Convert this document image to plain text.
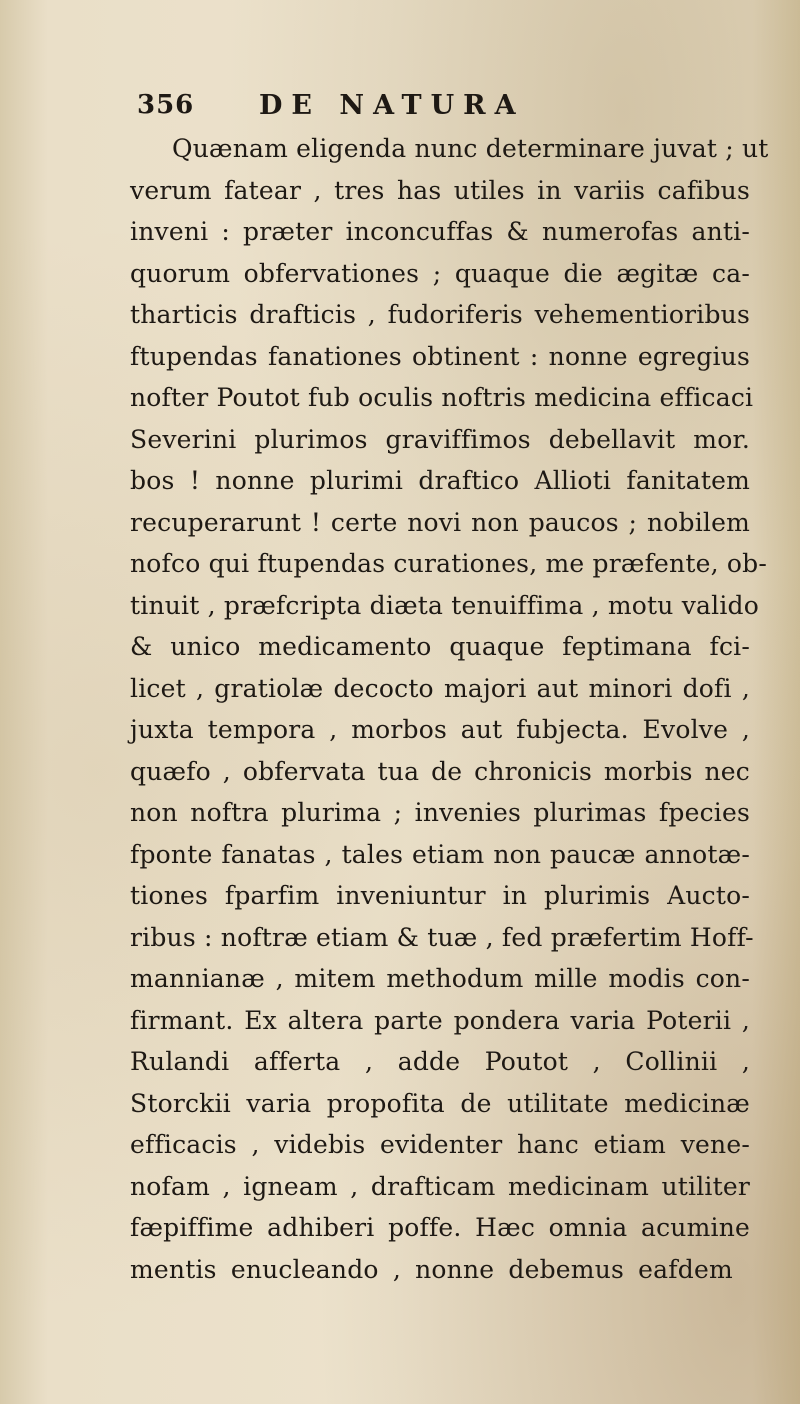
356 DE NATURA
Quænam eligenda nunc determinare juvat ; ut
verum fatear , tres has utiles in variis cafibus
inveni : præter inconcuffas & numerofas anti-
quorum obfervationes ; quaque die ægitæ ca-
tharticis drafticis , fudoriferis vehementioribus
ftupendas fanationes obtinent : nonne egregius
nofter Poutot fub oculis noftris medicina efficaci
Severini plurimos graviffimos debellavit mor.
bos ! nonne plurimi draftico Allioti fanitatem
recuperarunt ! certe novi non paucos ; nobilem
nofco qui ftupendas curationes, me præfente, ob-
tinuit , præfcripta diæta tenuiffima , motu valido
& unico medicamento quaque feptimana fci-
licet , gratiolæ decocto majori aut minori dofi ,
juxta tempora , morbos aut fubjecta. Evolve ,
quæfo , obfervata tua de chronicis morbis nec
non noftra plurima ; invenies plurimas fpecies
fponte fanatas , tales etiam non paucæ annotæ-
tiones fparfim inveniuntur in plurimis Aucto-
ribus : noftræ etiam & tuæ , fed præfertim Hoff-
mannianæ , mitem methodum mille modis con-
firmant. Ex altera parte pondera varia Poterii ,
Rulandi afferta , adde Poutot , Collinii ,
Storckii varia propofita de utilitate medicinæ
efficacis , videbis evidenter hanc etiam vene-
nofam , igneam , drafticam medicinam utiliter
fæpiffime adhiberi poffe. Hæc omnia acumine
mentis enucleando , nonne debemus eafdem
